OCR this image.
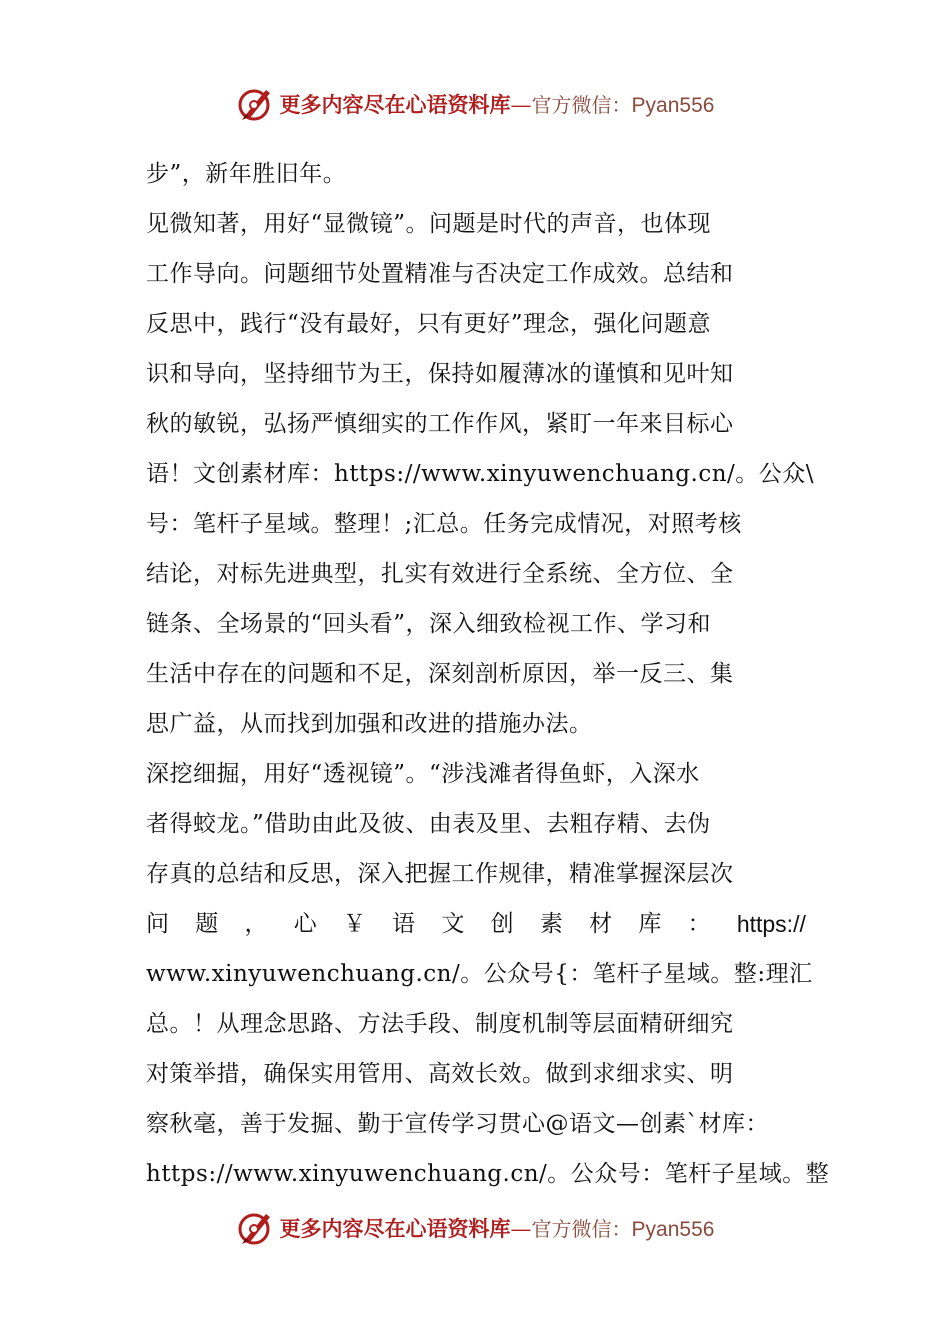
更多内容尽在心语资料库—官方微信：Pyan556
步”，新年胜旧年。
见微知著，用好“显微镜”。问题是时代的声音，也体现
工作导向。问题细节处置精准与否决定工作成效。总结和
反思中，践行“没有最好，只有更好”理念，强化问题意
识和导向，坚持细节为王，保持如履薄冰的谨慎和见叶知
秋的敏锐，弘扬严慎细实的工作作风，紧盯一年来目标心
语！文创素材库：https://www.xinyuwenchuang.cn/。公众\
号：笔杆子星域。整理！;汇总。任务完成情况，对照考核
结论，对标先进典型，扎实有效进行全系统、全方位、全
链条、全场景的“回头看”，深入细致检视工作、学习和
生活中存在的问题和不足，深刻剖析原因，举一反三、集
思广益，从而找到加强和改进的措施办法。
深挖细掘，用好“透视镜”。“涉浅滩者得鱼虾，入深水
者得蛟龙。”借助由此及彼、由表及里、去粗存精、去伪
存真的总结和反思，深入把握工作规律，精准掌握深层次
问 题 ， 心 ￥ 语 文 创 素 材 库 ： https://
www.xinyuwenchuang.cn/。公众号{：笔杆子星域。整:理汇
总。！从理念思路、方法手段、制度机制等层面精研细究
对策举措，确保实用管用、高效长效。做到求细求实、明
察秋毫，善于发掘、勤于宣传学习贯心@语文—创素`材库：
https://www.xinyuwenchuang.cn/。公众号：笔杆子星域。整
更多内容尽在心语资料库—官方微信：Pyan556
